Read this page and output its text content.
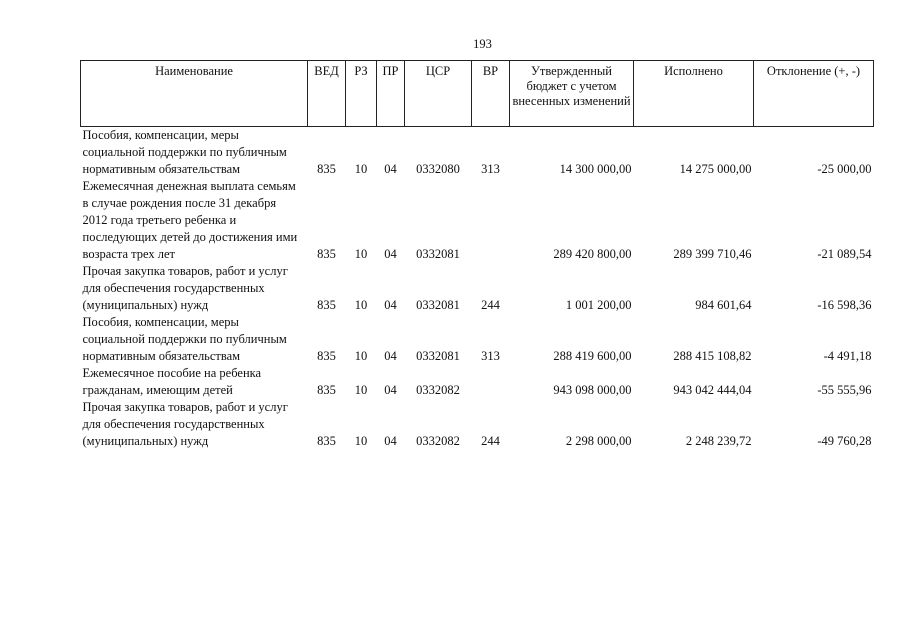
193
Наименование	ВЕД	РЗ	ПР	ЦСР	ВР	Утвержденный бюджет с учетом внесенных изменений	Исполнено	Отклонение (+, -)

Пособия, компенсации, меры социальной поддержки по публичным нормативным обязательствам	835	10	04	0332080	313	14 300 000,00	14 275 000,00	-25 000,00

Ежемесячная денежная выплата семьям в случае рождения после 31 декабря 2012 года третьего ребенка и последующих детей до достижения ими возраста трех лет	835	10	04	0332081		289 420 800,00	289 399 710,46	-21 089,54

Прочая закупка товаров, работ и услуг для обеспечения государственных (муниципальных) нужд	835	10	04	0332081	244	1 001 200,00	984 601,64	-16 598,36

Пособия, компенсации, меры социальной поддержки по публичным нормативным обязательствам	835	10	04	0332081	313	288 419 600,00	288 415 108,82	-4 491,18

Ежемесячное пособие на ребенка гражданам, имеющим детей	835	10	04	0332082		943 098 000,00	943 042 444,04	-55 555,96

Прочая закупка товаров, работ и услуг для обеспечения государственных (муниципальных) нужд	835	10	04	0332082	244	2 298 000,00	2 248 239,72	-49 760,28
